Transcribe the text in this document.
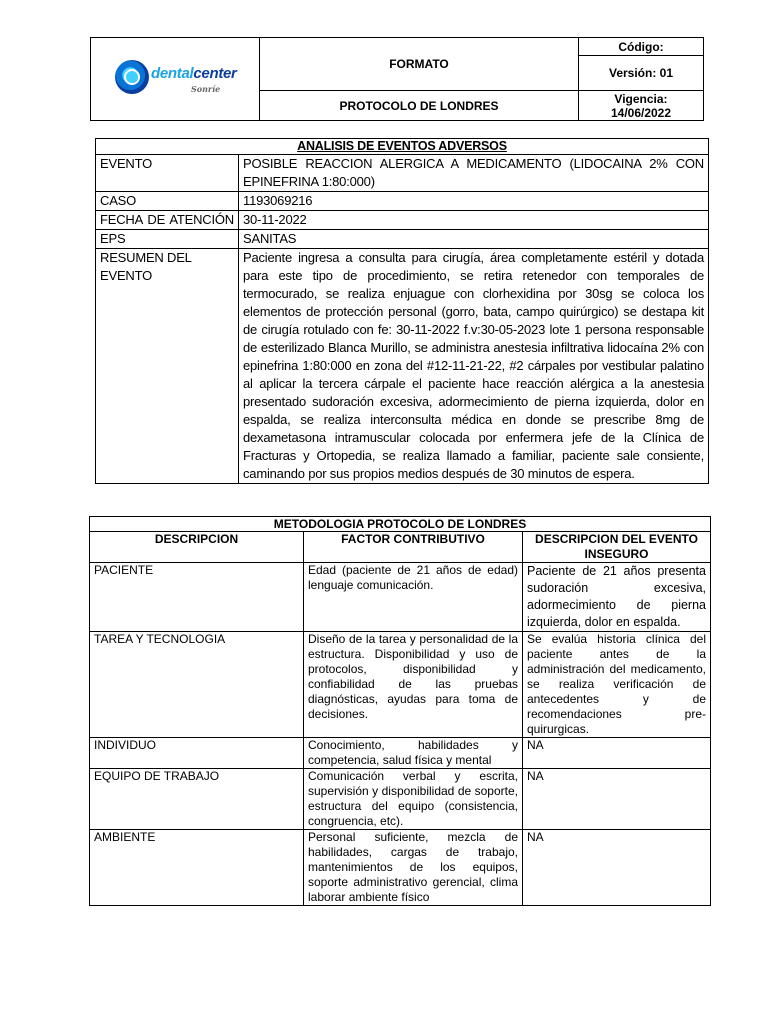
dentalcenter
Sonríe	FORMATO	Código:
		Versión: 01
	PROTOCOLO DE LONDRES	Vigencia:
14/06/2022
ANALISIS DE EVENTOS ADVERSOS	
EVENTO	POSIBLE REACCION ALERGICA A MEDICAMENTO (LIDOCAINA 2% CON EPINEFRINA 1:80:000)
CASO	1193069216
FECHA DE ATENCIÓN	30-11-2022
EPS	SANITAS
RESUMEN DEL EVENTO	Paciente ingresa a consulta para cirugía, área completamente estéril y dotada para este tipo de procedimiento, se retira retenedor con temporales de termocurado, se realiza enjuague con clorhexidina por 30sg se coloca los elementos de protección personal (gorro, bata, campo quirúrgico) se destapa kit de cirugía rotulado con fe: 30-11-2022 f.v:30-05-2023 lote 1 persona responsable de esterilizado Blanca Murillo, se administra anestesia infiltrativa lidocaína 2% con epinefrina 1:80:000 en zona del #12-11-21-22, #2 cárpales por vestibular palatino al aplicar la tercera cárpale el paciente hace reacción alérgica a la anestesia presentado sudoración excesiva, adormecimiento de pierna izquierda, dolor en espalda, se realiza interconsulta médica en donde se prescribe 8mg de dexametasona intramuscular colocada por enfermera jefe de la Clínica de Fracturas y Ortopedia, se realiza llamado a familiar, paciente sale consiente, caminando por sus propios medios después de 30 minutos de espera.
METODOLOGIA PROTOCOLO DE LONDRES		
DESCRIPCION	FACTOR CONTRIBUTIVO	DESCRIPCION DEL EVENTO INSEGURO
PACIENTE	Edad (paciente de 21 años de edad) lenguaje comunicación.	Paciente de 21 años presenta sudoración excesiva, adormecimiento de pierna izquierda, dolor en espalda.
TAREA Y TECNOLOGIA	Diseño de la tarea y personalidad de la estructura. Disponibilidad y uso de protocolos, disponibilidad y confiabilidad de las pruebas diagnósticas, ayudas para toma de decisiones.	Se evalúa historia clínica del paciente antes de la administración del medicamento, se realiza verificación de antecedentes y de recomendaciones pre-quirurgicas.
INDIVIDUO	Conocimiento, habilidades y competencia, salud física y mental	NA
EQUIPO DE TRABAJO	Comunicación verbal y escrita, supervisión y disponibilidad de soporte, estructura del equipo (consistencia, congruencia, etc).	NA
AMBIENTE	Personal suficiente, mezcla de habilidades, cargas de trabajo, mantenimientos de los equipos, soporte administrativo gerencial, clima laborar ambiente físico	NA
